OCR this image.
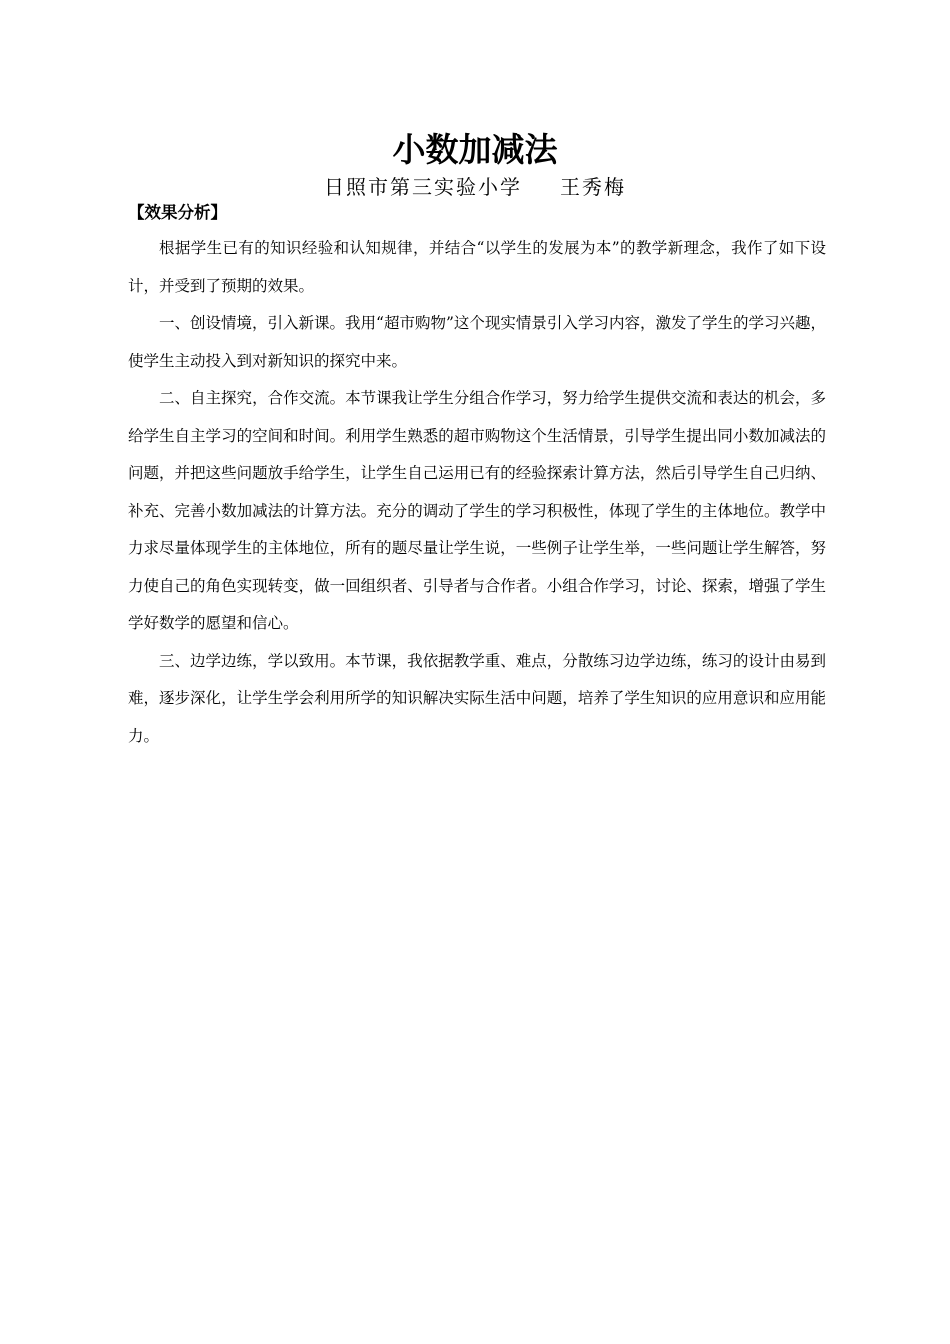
小数加减法
日照市第三实验小学 王秀梅
【效果分析】

根据学生已有的知识经验和认知规律，并结合“以学生的发展为本”的教学新理念，我作了如下设计，并受到了预期的效果。

一、创设情境，引入新课。我用“超市购物”这个现实情景引入学习内容，激发了学生的学习兴趣，使学生主动投入到对新知识的探究中来。

二、自主探究，合作交流。本节课我让学生分组合作学习，努力给学生提供交流和表达的机会，多给学生自主学习的空间和时间。利用学生熟悉的超市购物这个生活情景，引导学生提出同小数加减法的问题，并把这些问题放手给学生，让学生自己运用已有的经验探索计算方法，然后引导学生自己归纳、补充、完善小数加减法的计算方法。充分的调动了学生的学习积极性，体现了学生的主体地位。教学中力求尽量体现学生的主体地位，所有的题尽量让学生说，一些例子让学生举，一些问题让学生解答，努力使自己的角色实现转变，做一回组织者、引导者与合作者。小组合作学习，讨论、探索，增强了学生学好数学的愿望和信心。

三、边学边练，学以致用。本节课，我依据教学重、难点，分散练习边学边练，练习的设计由易到难，逐步深化，让学生学会利用所学的知识解决实际生活中问题，培养了学生知识的应用意识和应用能力。
